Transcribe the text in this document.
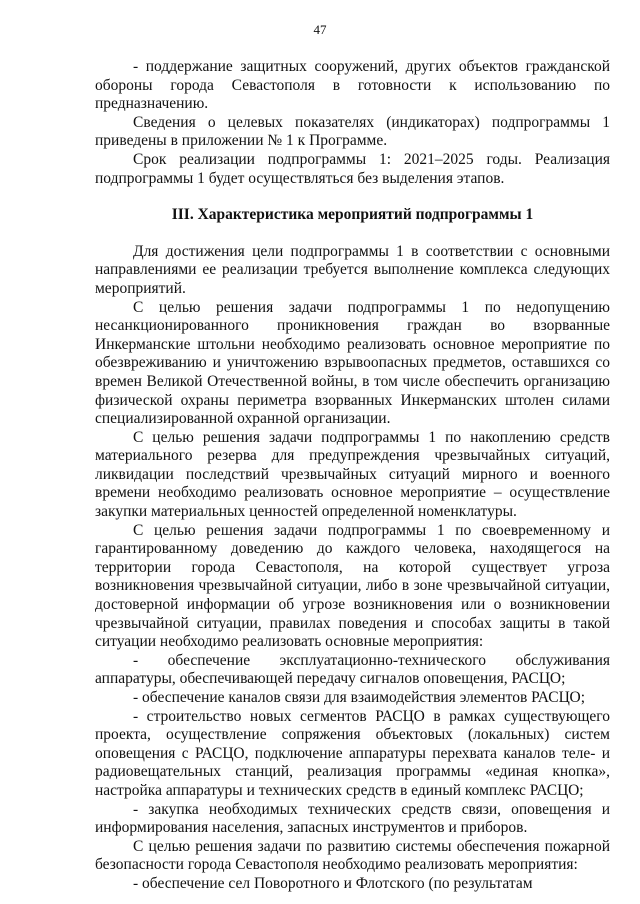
47

- поддержание защитных сооружений, других объектов гражданской обороны города Севастополя в готовности к использованию по предназначению.

Сведения о целевых показателях (индикаторах) подпрограммы 1 приведены в приложении № 1 к Программе.

Срок реализации подпрограммы 1: 2021–2025 годы. Реализация подпрограммы 1 будет осуществляться без выделения этапов.

III. Характеристика мероприятий подпрограммы 1

Для достижения цели подпрограммы 1 в соответствии с основными направлениями ее реализации требуется выполнение комплекса следующих мероприятий.

С целью решения задачи подпрограммы 1 по недопущению несанкционированного проникновения граждан во взорванные Инкерманские штольни необходимо реализовать основное мероприятие по обезвреживанию и уничтожению взрывоопасных предметов, оставшихся со времен Великой Отечественной войны, в том числе обеспечить организацию физической охраны периметра взорванных Инкерманских штолен силами специализированной охранной организации.

С целью решения задачи подпрограммы 1 по накоплению средств материального резерва для предупреждения чрезвычайных ситуаций, ликвидации последствий чрезвычайных ситуаций мирного и военного времени необходимо реализовать основное мероприятие – осуществление закупки материальных ценностей определенной номенклатуры.

С целью решения задачи подпрограммы 1 по своевременному и гарантированному доведению до каждого человека, находящегося на территории города Севастополя, на которой существует угроза возникновения чрезвычайной ситуации, либо в зоне чрезвычайной ситуации, достоверной информации об угрозе возникновения или о возникновении чрезвычайной ситуации, правилах поведения и способах защиты в такой ситуации необходимо реализовать основные мероприятия:

- обеспечение эксплуатационно-технического обслуживания аппаратуры, обеспечивающей передачу сигналов оповещения, РАСЦО;

- обеспечение каналов связи для взаимодействия элементов РАСЦО;

- строительство новых сегментов РАСЦО в рамках существующего проекта, осуществление сопряжения объектовых (локальных) систем оповещения с РАСЦО, подключение аппаратуры перехвата каналов теле- и радиовещательных станций, реализация программы «единая кнопка», настройка аппаратуры и технических средств в единый комплекс РАСЦО;

- закупка необходимых технических средств связи, оповещения и информирования населения, запасных инструментов и приборов.

С целью решения задачи по развитию системы обеспечения пожарной безопасности города Севастополя необходимо реализовать мероприятия:

- обеспечение сел Поворотного и Флотского (по результатам
